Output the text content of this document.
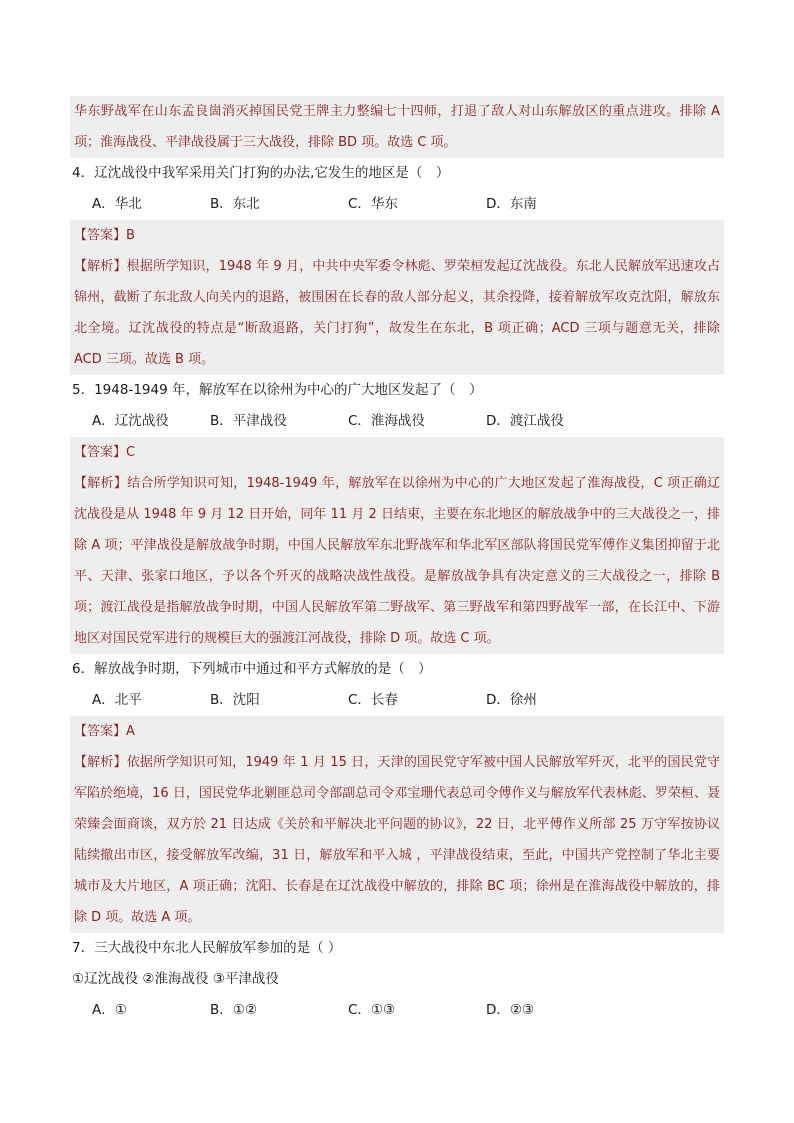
华东野战军在山东孟良崮消灭掉国民党王牌主力整编七十四师，打退了敌人对山东解放区的重点进攻。排除 A 项；淮海战役、平津战役属于三大战役，排除 BD 项。故选 C 项。

4．辽沈战役中我军采用关门打狗的办法,它发生的地区是（　）

A．华北	B．东北	C．华东	D．东南

【答案】B

【解析】根据所学知识，1948 年 9 月，中共中央军委令林彪、罗荣桓发起辽沈战役。东北人民解放军迅速攻占锦州，截断了东北敌人向关内的退路，被围困在长春的敌人部分起义，其余投降，接着解放军攻克沈阳，解放东北全境。辽沈战役的特点是“断敌退路，关门打狗”，故发生在东北，B 项正确；ACD 三项与题意无关，排除 ACD 三项。故选 B 项。

5．1948-1949 年，解放军在以徐州为中心的广大地区发起了（　）

A．辽沈战役	B．平津战役	C．淮海战役	D．渡江战役

【答案】C

【解析】结合所学知识可知，1948-1949 年，解放军在以徐州为中心的广大地区发起了淮海战役，C 项正确辽沈战役是从 1948 年 9 月 12 日开始，同年 11 月 2 日结束，主要在东北地区的解放战争中的三大战役之一，排除 A 项；平津战役是解放战争时期，中国人民解放军东北野战军和华北军区部队将国民党军傅作义集团抑留于北平、天津、张家口地区，予以各个歼灭的战略决战性战役。是解放战争具有决定意义的三大战役之一，排除 B 项；渡江战役是指解放战争时期，中国人民解放军第二野战军、第三野战军和第四野战军一部，在长江中、下游地区对国民党军进行的规模巨大的强渡江河战役，排除 D 项。故选 C 项。

6．解放战争时期，下列城市中通过和平方式解放的是（　）

A．北平	B．沈阳	C．长春	D．徐州

【答案】A

【解析】依据所学知识可知，1949 年 1 月 15 日，天津的国民党守军被中国人民解放军歼灭，北平的国民党守军陷於绝境，16 日，国民党华北剿匪总司令部副总司令邓宝珊代表总司令傅作义与解放军代表林彪、罗荣桓、聂荣臻会面商谈，双方於 21 日达成《关於和平解决北平问题的协议》，22 日，北平傅作义所部 25 万守军按协议陆续撤出市区，接受解放军改编，31 日，解放军和平入城 ，平津战役结束，至此，中国共产党控制了华北主要城市及大片地区，A 项正确；沈阳、长春是在辽沈战役中解放的，排除 BC 项；徐州是在淮海战役中解放的，排除 D 项。故选 A 项。

7．三大战役中东北人民解放军参加的是（ ）

①辽沈战役 ②淮海战役 ③平津战役

A．①	B．①②	C．①③	D．②③
